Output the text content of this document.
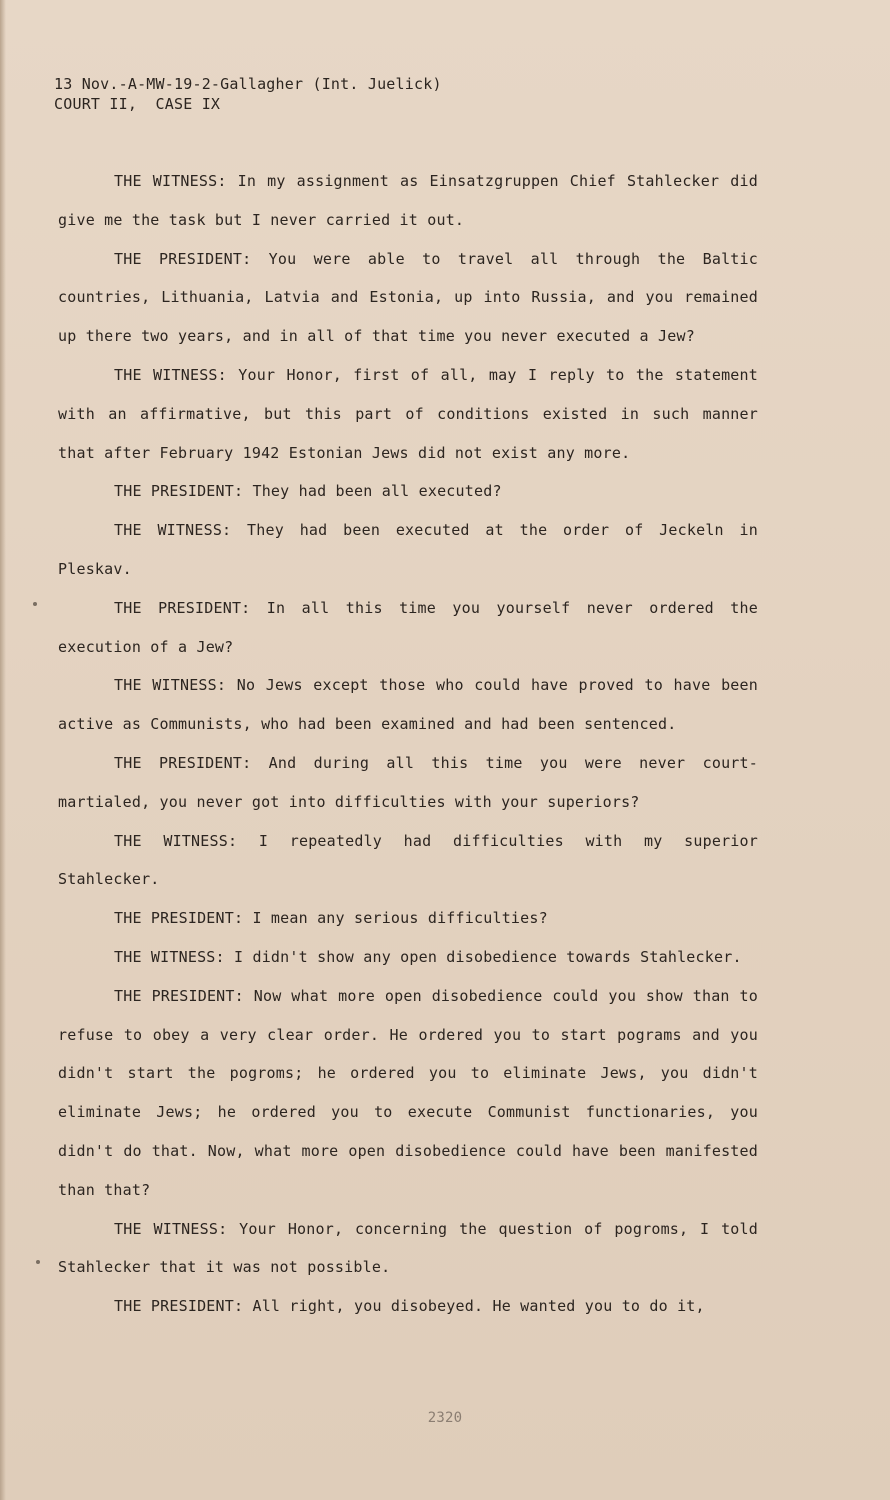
13 Nov.-A-MW-19-2-Gallagher (Int. Juelick)
COURT II,  CASE IX

THE WITNESS: In my assignment as Einsatzgruppen Chief Stahlecker did give me the task but I never carried it out.

THE PRESIDENT: You were able to travel all through the Baltic countries, Lithuania, Latvia and Estonia, up into Russia, and you remained up there two years, and in all of that time you never executed a Jew?

THE WITNESS: Your Honor, first of all, may I reply to the statement with an affirmative, but this part of conditions existed in such manner that after February 1942 Estonian Jews did not exist any more.

THE PRESIDENT: They had been all executed?

THE WITNESS: They had been executed at the order of Jeckeln in Pleskav.

THE PRESIDENT: In all this time you yourself never ordered the execution of a Jew?

THE WITNESS: No Jews except those who could have proved to have been active as Communists, who had been examined and had been sentenced.

THE PRESIDENT: And during all this time you were never court-martialed, you never got into difficulties with your superiors?

THE WITNESS: I repeatedly had difficulties with my superior Stahlecker.

THE PRESIDENT: I mean any serious difficulties?

THE WITNESS: I didn't show any open disobedience towards Stahlecker.

THE PRESIDENT: Now what more open disobedience could you show than to refuse to obey a very clear order. He ordered you to start pograms and you didn't start the pogroms; he ordered you to eliminate Jews, you didn't eliminate Jews; he ordered you to execute Communist functionaries, you didn't do that. Now, what more open disobedience could have been manifested than that?

THE WITNESS: Your Honor, concerning the question of pogroms, I told Stahlecker that it was not possible.

THE PRESIDENT: All right, you disobeyed. He wanted you to do it,

2320
